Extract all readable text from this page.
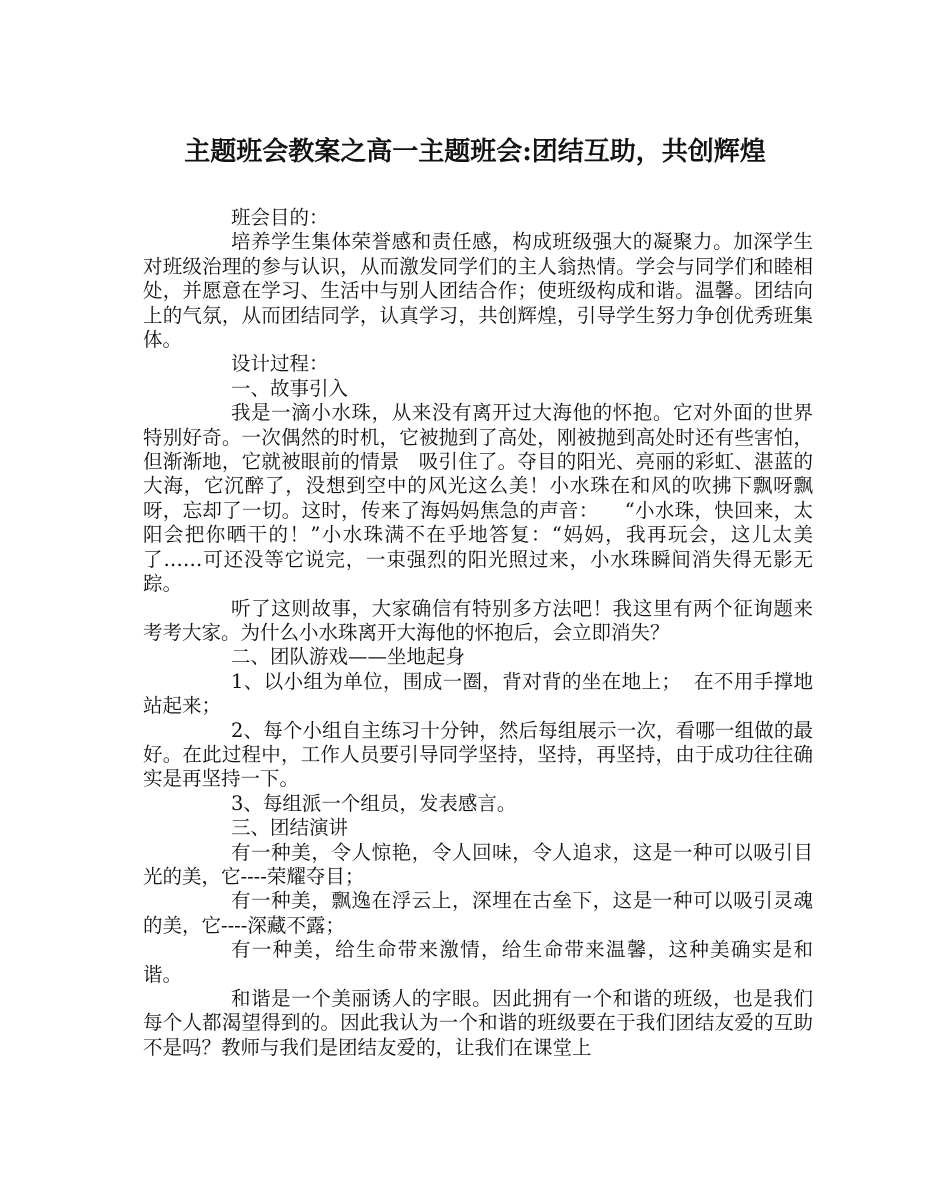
主题班会教案之高一主题班会:团结互助，共创辉煌

班会目的：

培养学生集体荣誉感和责任感，构成班级强大的凝聚力。加深学生对班级治理的参与认识，从而激发同学们的主人翁热情。学会与同学们和睦相处，并愿意在学习、生活中与别人团结合作；使班级构成和谐。温馨。团结向上的气氛，从而团结同学，认真学习，共创辉煌，引导学生努力争创优秀班集体。

设计过程：

一、故事引入

我是一滴小水珠，从来没有离开过大海他的怀抱。它对外面的世界特别好奇。一次偶然的时机，它被抛到了高处，刚被抛到高处时还有些害怕，但渐渐地，它就被眼前的情景   吸引住了。夺目的阳光、亮丽的彩虹、湛蓝的大海，它沉醉了，没想到空中的风光这么美！小水珠在和风的吹拂下飘呀飘呀，忘却了一切。这时，传来了海妈妈焦急的声音：    “小水珠，快回来，太阳会把你晒干的！”小水珠满不在乎地答复：“妈妈，我再玩会，这儿太美了……可还没等它说完，一束强烈的阳光照过来，小水珠瞬间消失得无影无踪。

听了这则故事，大家确信有特别多方法吧！我这里有两个征询题来考考大家。为什么小水珠离开大海他的怀抱后，会立即消失？

二、团队游戏——坐地起身

1、以小组为单位，围成一圈，背对背的坐在地上；  在不用手撑地站起来；

2、每个小组自主练习十分钟，然后每组展示一次，看哪一组做的最好。在此过程中，工作人员要引导同学坚持，坚持，再坚持，由于成功往往确实是再坚持一下。

3、每组派一个组员，发表感言。

三、团结演讲

有一种美，令人惊艳，令人回味，令人追求，这是一种可以吸引目光的美，它----荣耀夺目；

有一种美，飘逸在浮云上，深埋在古垒下，这是一种可以吸引灵魂的美，它----深藏不露；

有一种美，给生命带来激情，给生命带来温馨，这种美确实是和谐。

和谐是一个美丽诱人的字眼。因此拥有一个和谐的班级，也是我们每个人都渴望得到的。因此我认为一个和谐的班级要在于我们团结友爱的互助不是吗？教师与我们是团结友爱的，让我们在课堂上
